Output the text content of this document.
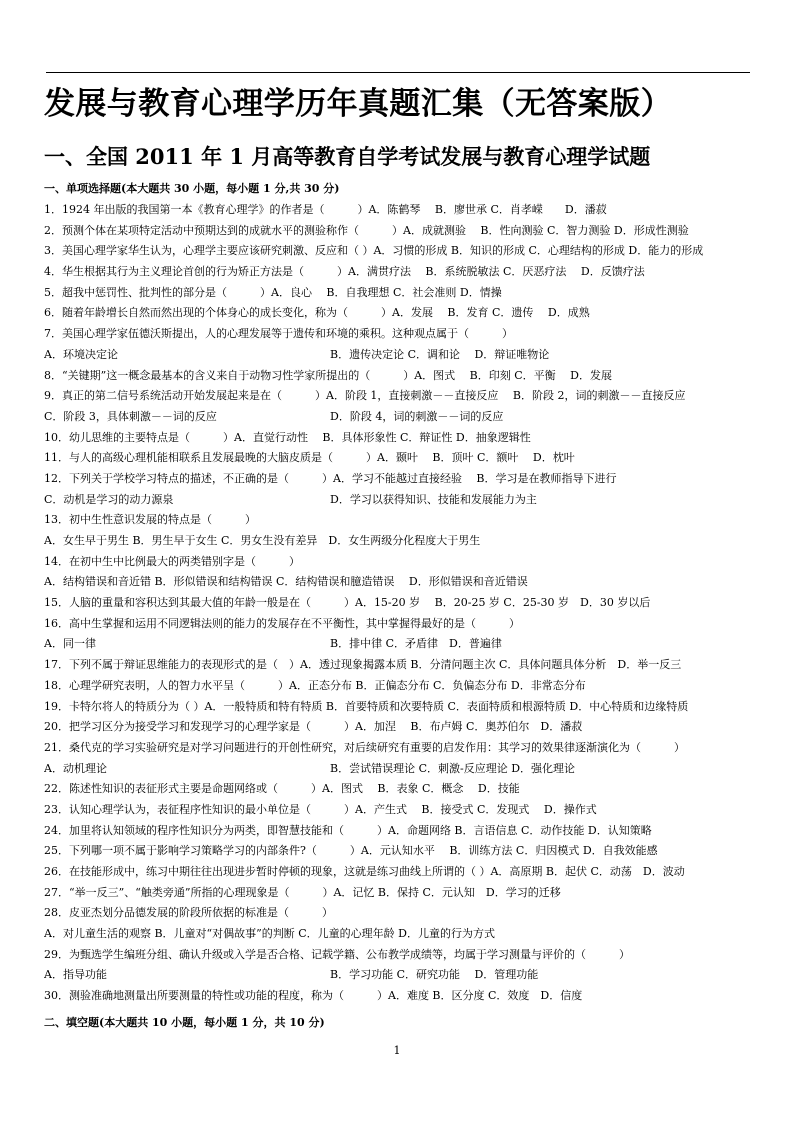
发展与教育心理学历年真题汇集（无答案版）
一、全国 2011 年 1 月高等教育自学考试发展与教育心理学试题
一、单项选择题(本大题共 30 小题，每小题 1 分,共 30 分)
1．1924 年出版的我国第一本《教育心理学》的作者是（　　　）A．陈鹤琴　 B．廖世承 C．肖孝嵘　　D．潘菽
2．预测个体在某项特定活动中预期达到的成就水平的测验称作（　　　）A．成就测验　 B．性向测验 C．智力测验 D．形成性测验
3．美国心理学家华生认为，心理学主要应该研究刺激、反应和（ ）A．习惯的形成 B．知识的形成 C．心理结构的形成 D．能力的形成
4．华生根据其行为主义理论首创的行为矫正方法是（　　　）A．满贯疗法　 B．系统脱敏法 C．厌恶疗法　 D．反馈疗法
5．超我中惩罚性、批判性的部分是（　　　）A．良心　 B．自我理想 C．社会准则 D．情操
6．随着年龄增长自然而然出现的个体身心的成长变化，称为（　　　）A．发展　 B．发育 C．遗传　 D．成熟
7．美国心理学家伍德沃斯提出，人的心理发展等于遗传和环境的乘积。这种观点属于（　　　）
A．环境决定论	B．遗传决定论 C．调和论　 D．辩证唯物论
8．“关键期”这一概念最基本的含义来自于动物习性学家所提出的（　　　）A．图式　 B．印刻 C．平衡　 D．发展
9．真正的第二信号系统活动开始发展起来是在（　　　）A．阶段 1，直接刺激－－直接反应　 B．阶段 2，词的刺激－－直接反应
C．阶段 3，具体刺激－－词的反应	D．阶段 4，词的刺激－－词的反应
10．幼儿思维的主要特点是（　　　）A．直觉行动性　 B．具体形象性 C．辩证性 D．抽象逻辑性
11．与人的高级心理机能相联系且发展最晚的大脑皮质是（　　　）A．颞叶　 B．顶叶 C．额叶　 D．枕叶
12．下列关于学校学习特点的描述，不正确的是（　　　）A．学习不能越过直接经验　 B．学习是在教师指导下进行
C．动机是学习的动力源泉	D．学习以获得知识、技能和发展能力为主
13．初中生性意识发展的特点是（　　　）
A．女生早于男生 B．男生早于女生 C．男女生没有差异　D．女生两级分化程度大于男生
14．在初中生中比例最大的两类错别字是（　　　）
A．结构错误和音近错 B．形似错误和结构错误 C．结构错误和臆造错误　 D．形似错误和音近错误
15．人脑的重量和容积达到其最大值的年龄一般是在（　　　）A．15-20 岁　 B．20-25 岁 C．25-30 岁　D．30 岁以后
16．高中生掌握和运用不同逻辑法则的能力的发展存在不平衡性，其中掌握得最好的是（　　　）
A．同一律	B．排中律 C．矛盾律　D．普遍律
17．下列不属于辩证思维能力的表现形式的是（　）A．透过现象揭露本质 B．分清问题主次 C．具体问题具体分析　D．举一反三
18．心理学研究表明，人的智力水平呈（　　　）A．正态分布 B．正偏态分布 C．负偏态分布 D．非常态分布
19．卡特尔将人的特质分为（ ）A．一般特质和特有特质 B．首要特质和次要特质 C．表面特质和根源特质 D．中心特质和边缘特质
20．把学习区分为接受学习和发现学习的心理学家是（　　　）A．加涅　 B．布卢姆 C．奥苏伯尔　D．潘菽
21．桑代克的学习实验研究是对学习问题进行的开创性研究，对后续研究有重要的启发作用：其学习的效果律逐渐演化为（　　　）
A．动机理论	B．尝试错误理论 C．刺激-反应理论 D．强化理论
22．陈述性知识的表征形式主要是命题网络或（　　　）A．图式　 B．表象 C．概念　 D．技能
23．认知心理学认为，表征程序性知识的最小单位是（　　　）A．产生式　 B．接受式 C．发现式　 D．操作式
24．加里将认知领域的程序性知识分为两类，即智慧技能和（　　　）A．命题网络 B．言语信息 C．动作技能 D．认知策略
25．下列哪一项不属于影响学习策略学习的内部条件?（　　　）A．元认知水平　 B．训练方法 C．归因模式 D．自我效能感
26．在技能形成中，练习中期往往出现进步暂时停顿的现象，这就是练习曲线上所谓的（ ）A．高原期 B．起伏 C．动荡　D．波动
27．“举一反三”、“触类旁通”所指的心理现象是（　　　）A．记忆 B．保持 C．元认知　D．学习的迁移
28．皮亚杰划分品德发展的阶段所依据的标准是（　　　）
A．对儿童生活的观察 B．儿童对“对偶故事”的判断 C．儿童的心理年龄 D．儿童的行为方式
29．为甄选学生编班分组、确认升级或入学是否合格、记载学籍、公布教学成绩等，均属于学习测量与评价的（　　　）
A．指导功能	B．学习功能 C．研究功能　 D．管理功能
30．测验准确地测量出所要测量的特性或功能的程度，称为（　　　）A．难度 B．区分度 C．效度　D．信度
二、填空题(本大题共 10 小题，每小题 1 分，共 10 分)
1
